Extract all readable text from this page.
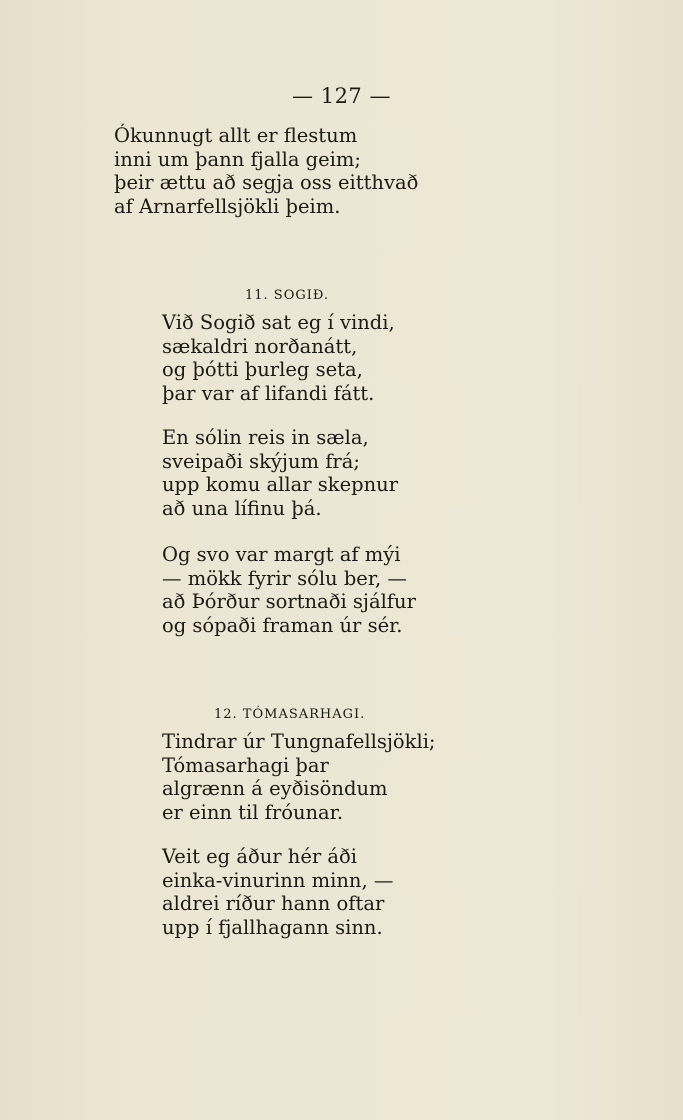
— 127 —
Ókunnugt allt er flestum
inni um þann fjalla geim;
þeir ættu að segja oss eitthvað
af Arnarfellsjökli þeim.
11. SOGIÐ.
Við Sogið sat eg í vindi,
sækaldri norðanátt,
og þótti þurleg seta,
þar var af lifandi fátt.
En sólin reis in sæla,
sveipaði skýjum frá;
upp komu allar skepnur
að una lífinu þá.
Og svo var margt af mýi
— mökk fyrir sólu ber, —
að Þórður sortnaði sjálfur
og sópaði framan úr sér.
12. TÓMASARHAGI.
Tindrar úr Tungnafellsjökli;
Tómasarhagi þar
algrænn á eyðisöndum
er einn til fróunar.
Veit eg áður hér áði
einka-vinurinn minn, —
aldrei ríður hann oftar
upp í fjallhagann sinn.
